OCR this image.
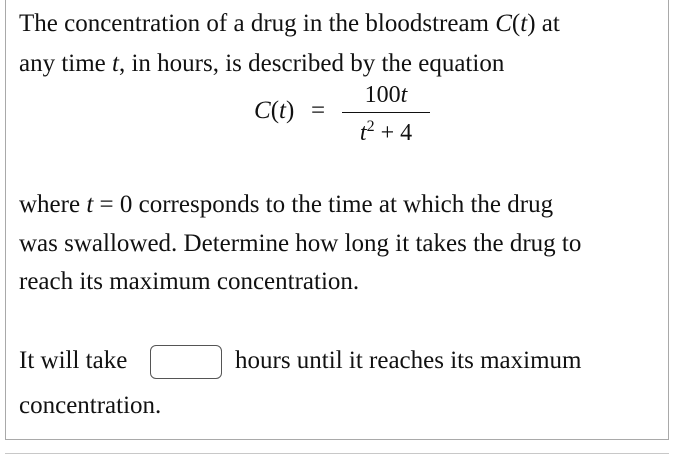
The concentration of a drug in the bloodstream C(t) at
any time t, in hours, is described by the equation
C(t) =
100t
$t^2 + 4$
where t = 0 corresponds to the time at which the drug
was swallowed. Determine how long it takes the drug to
reach its maximum concentration.
It will take	hours until it reaches its maximum
concentration.
